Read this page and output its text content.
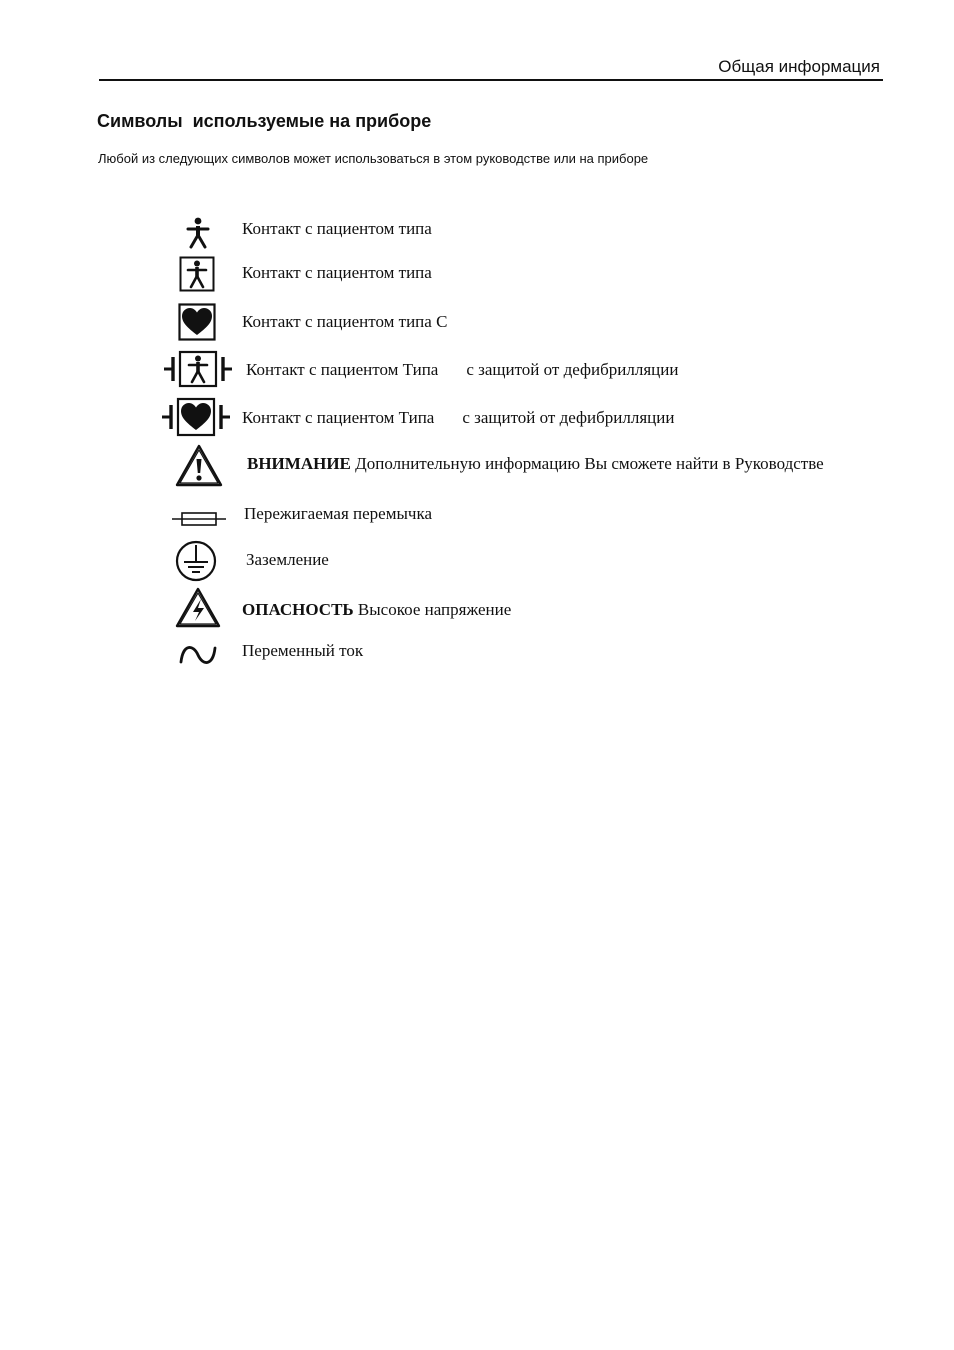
Общая информация
Символы  используемые на приборе
Любой из следующих символов может использоваться в этом руководстве или на приборе
Контакт с пациентом типа
Контакт с пациентом типа
Контакт с пациентом типа С
Контакт с пациентом Типа с защитой от дефибрилляции
Контакт с пациентом Типа с защитой от дефибрилляции
ВНИМАНИЕ Дополнительную информацию Вы сможете найти в Руководстве
Пережигаемая перемычка
Заземление
ОПАСНОСТЬ Высокое напряжение
Переменный ток
